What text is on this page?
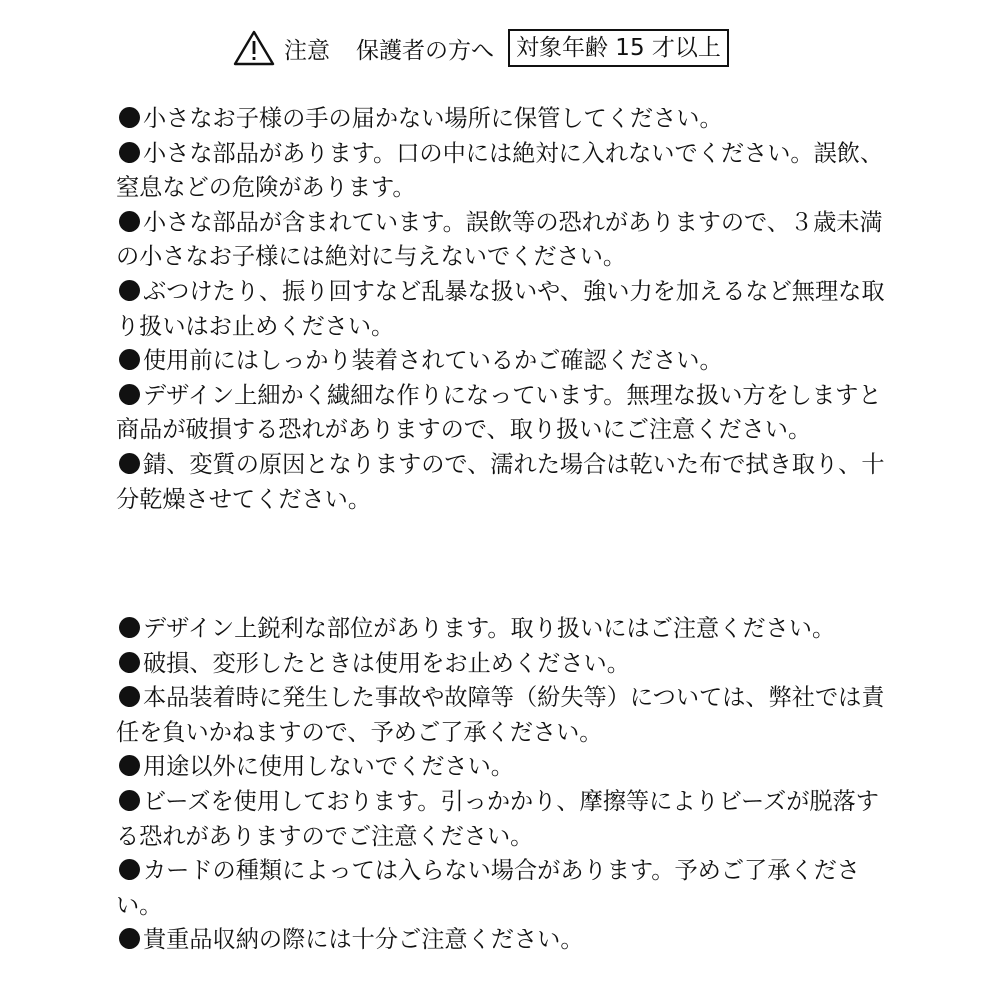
注意 保護者の方へ 対象年齢 15 才以上

小さなお子様の手の届かない場所に保管してください。

小さな部品があります。口の中には絶対に入れないでください。誤飲、窒息などの危険があります。

小さな部品が含まれています。誤飲等の恐れがありますので、３歳未満の小さなお子様には絶対に与えないでください。

ぶつけたり、振り回すなど乱暴な扱いや、強い力を加えるなど無理な取り扱いはお止めください。

使用前にはしっかり装着されているかご確認ください。

デザイン上細かく繊細な作りになっています。無理な扱い方をしますと商品が破損する恐れがありますので、取り扱いにご注意ください。

錆、変質の原因となりますので、濡れた場合は乾いた布で拭き取り、十分乾燥させてください。

デザイン上鋭利な部位があります。取り扱いにはご注意ください。

破損、変形したときは使用をお止めください。

本品装着時に発生した事故や故障等（紛失等）については、弊社では責任を負いかねますので、予めご了承ください。

用途以外に使用しないでください。

ビーズを使用しております。引っかかり、摩擦等によりビーズが脱落する恐れがありますのでご注意ください。

カードの種類によっては入らない場合があります。予めご了承ください。

貴重品収納の際には十分ご注意ください。
